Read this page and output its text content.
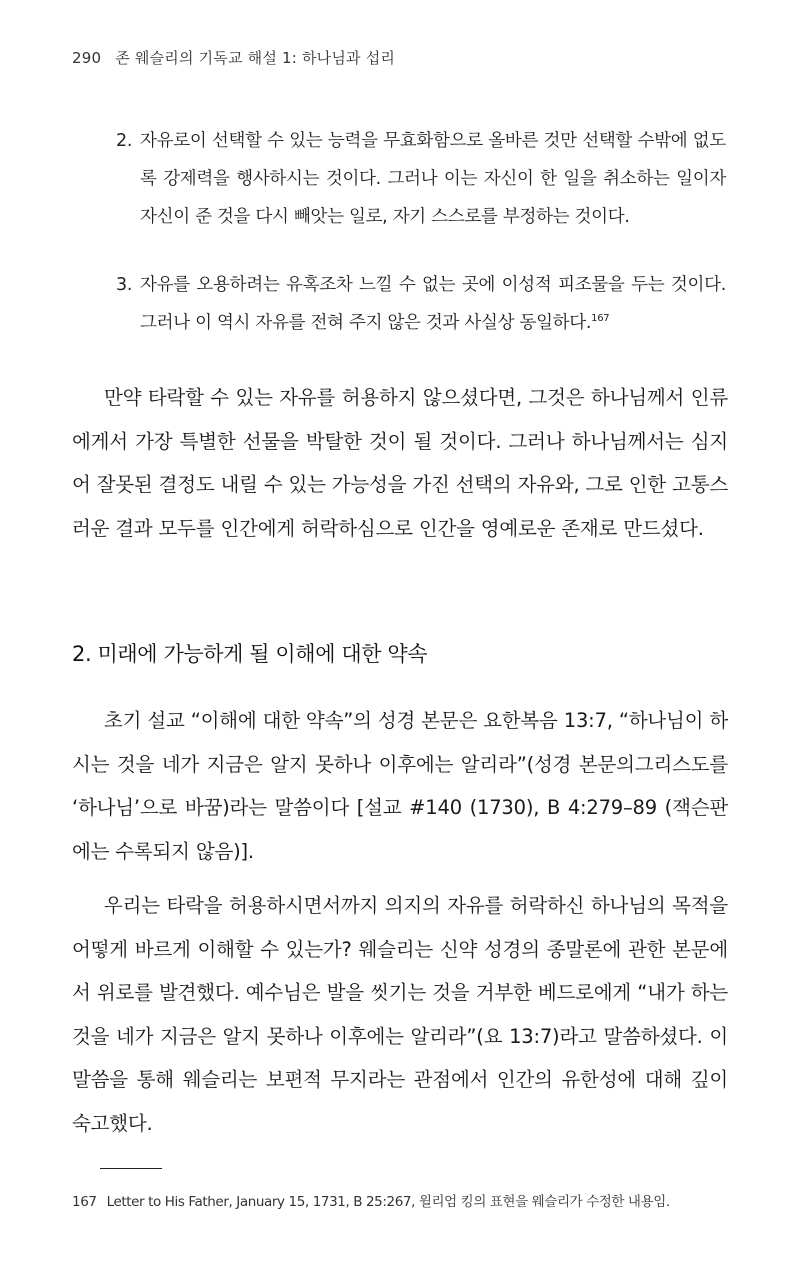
290 존 웨슬리의 기독교 해설 1: 하나님과 섭리
2. 자유로이 선택할 수 있는 능력을 무효화함으로 올바른 것만 선택할 수밖에 없도록 강제력을 행사하시는 것이다. 그러나 이는 자신이 한 일을 취소하는 일이자 자신이 준 것을 다시 빼앗는 일로, 자기 스스로를 부정하는 것이다.
3. 자유를 오용하려는 유혹조차 느낄 수 없는 곳에 이성적 피조물을 두는 것이다. 그러나 이 역시 자유를 전혀 주지 않은 것과 사실상 동일하다.$^{167}$
만약 타락할 수 있는 자유를 허용하지 않으셨다면, 그것은 하나님께서 인류에게서 가장 특별한 선물을 박탈한 것이 될 것이다. 그러나 하나님께서는 심지어 잘못된 결정도 내릴 수 있는 가능성을 가진 선택의 자유와, 그로 인한 고통스러운 결과 모두를 인간에게 허락하심으로 인간을 영예로운 존재로 만드셨다.
2. 미래에 가능하게 될 이해에 대한 약속
초기 설교 “이해에 대한 약속”의 성경 본문은 요한복음 13:7, “하나님이 하시는 것을 네가 지금은 알지 못하나 이후에는 알리라”(성경 본문의그리스도를 ‘하나님’으로 바꿈)라는 말씀이다 [설교 #140 (1730), B 4:279–89 (잭슨판에는 수록되지 않음)].
우리는 타락을 허용하시면서까지 의지의 자유를 허락하신 하나님의 목적을 어떻게 바르게 이해할 수 있는가? 웨슬리는 신약 성경의 종말론에 관한 본문에서 위로를 발견했다. 예수님은 발을 씻기는 것을 거부한 베드로에게 “내가 하는 것을 네가 지금은 알지 못하나 이후에는 알리라”(요 13:7)라고 말씀하셨다. 이 말씀을 통해 웨슬리는 보편적 무지라는 관점에서 인간의 유한성에 대해 깊이 숙고했다.
167 Letter to His Father, January 15, 1731, B 25:267, 윌리엄 킹의 표현을 웨슬리가 수정한 내용임.
